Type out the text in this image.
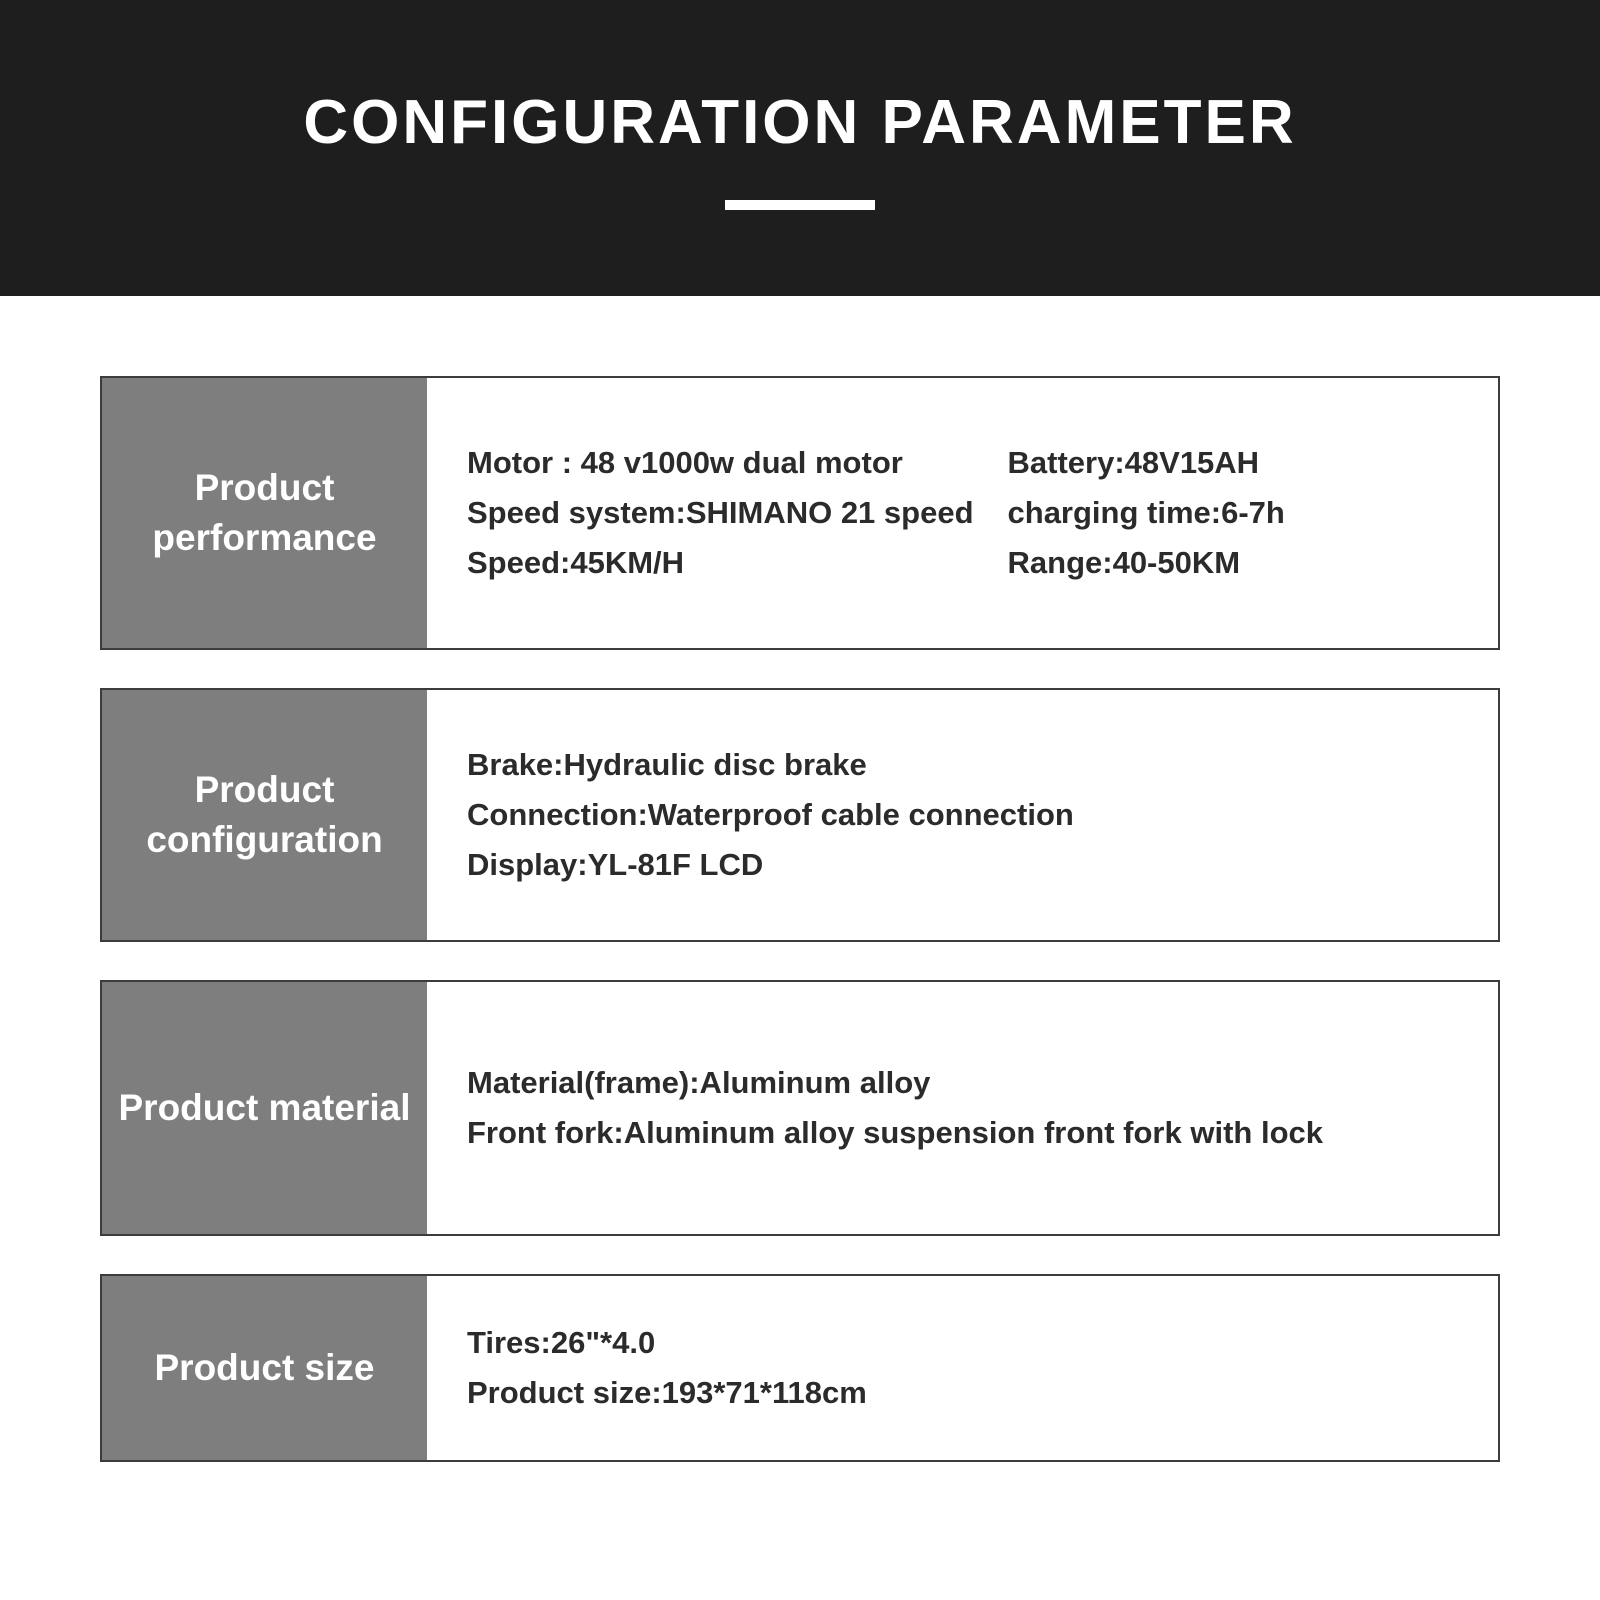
CONFIGURATION PARAMETER
Product performance
Motor : 48 v1000w dual motor
Speed system:SHIMANO 21 speed
Speed:45KM/H
Battery:48V15AH
charging time:6-7h
Range:40-50KM
Product configuration
Brake:Hydraulic disc brake
Connection:Waterproof cable connection
Display:YL-81F LCD
Product material
Material(frame):Aluminum alloy
Front fork:Aluminum alloy suspension front fork with lock
Product size
Tires:26"*4.0
Product size:193*71*118cm
